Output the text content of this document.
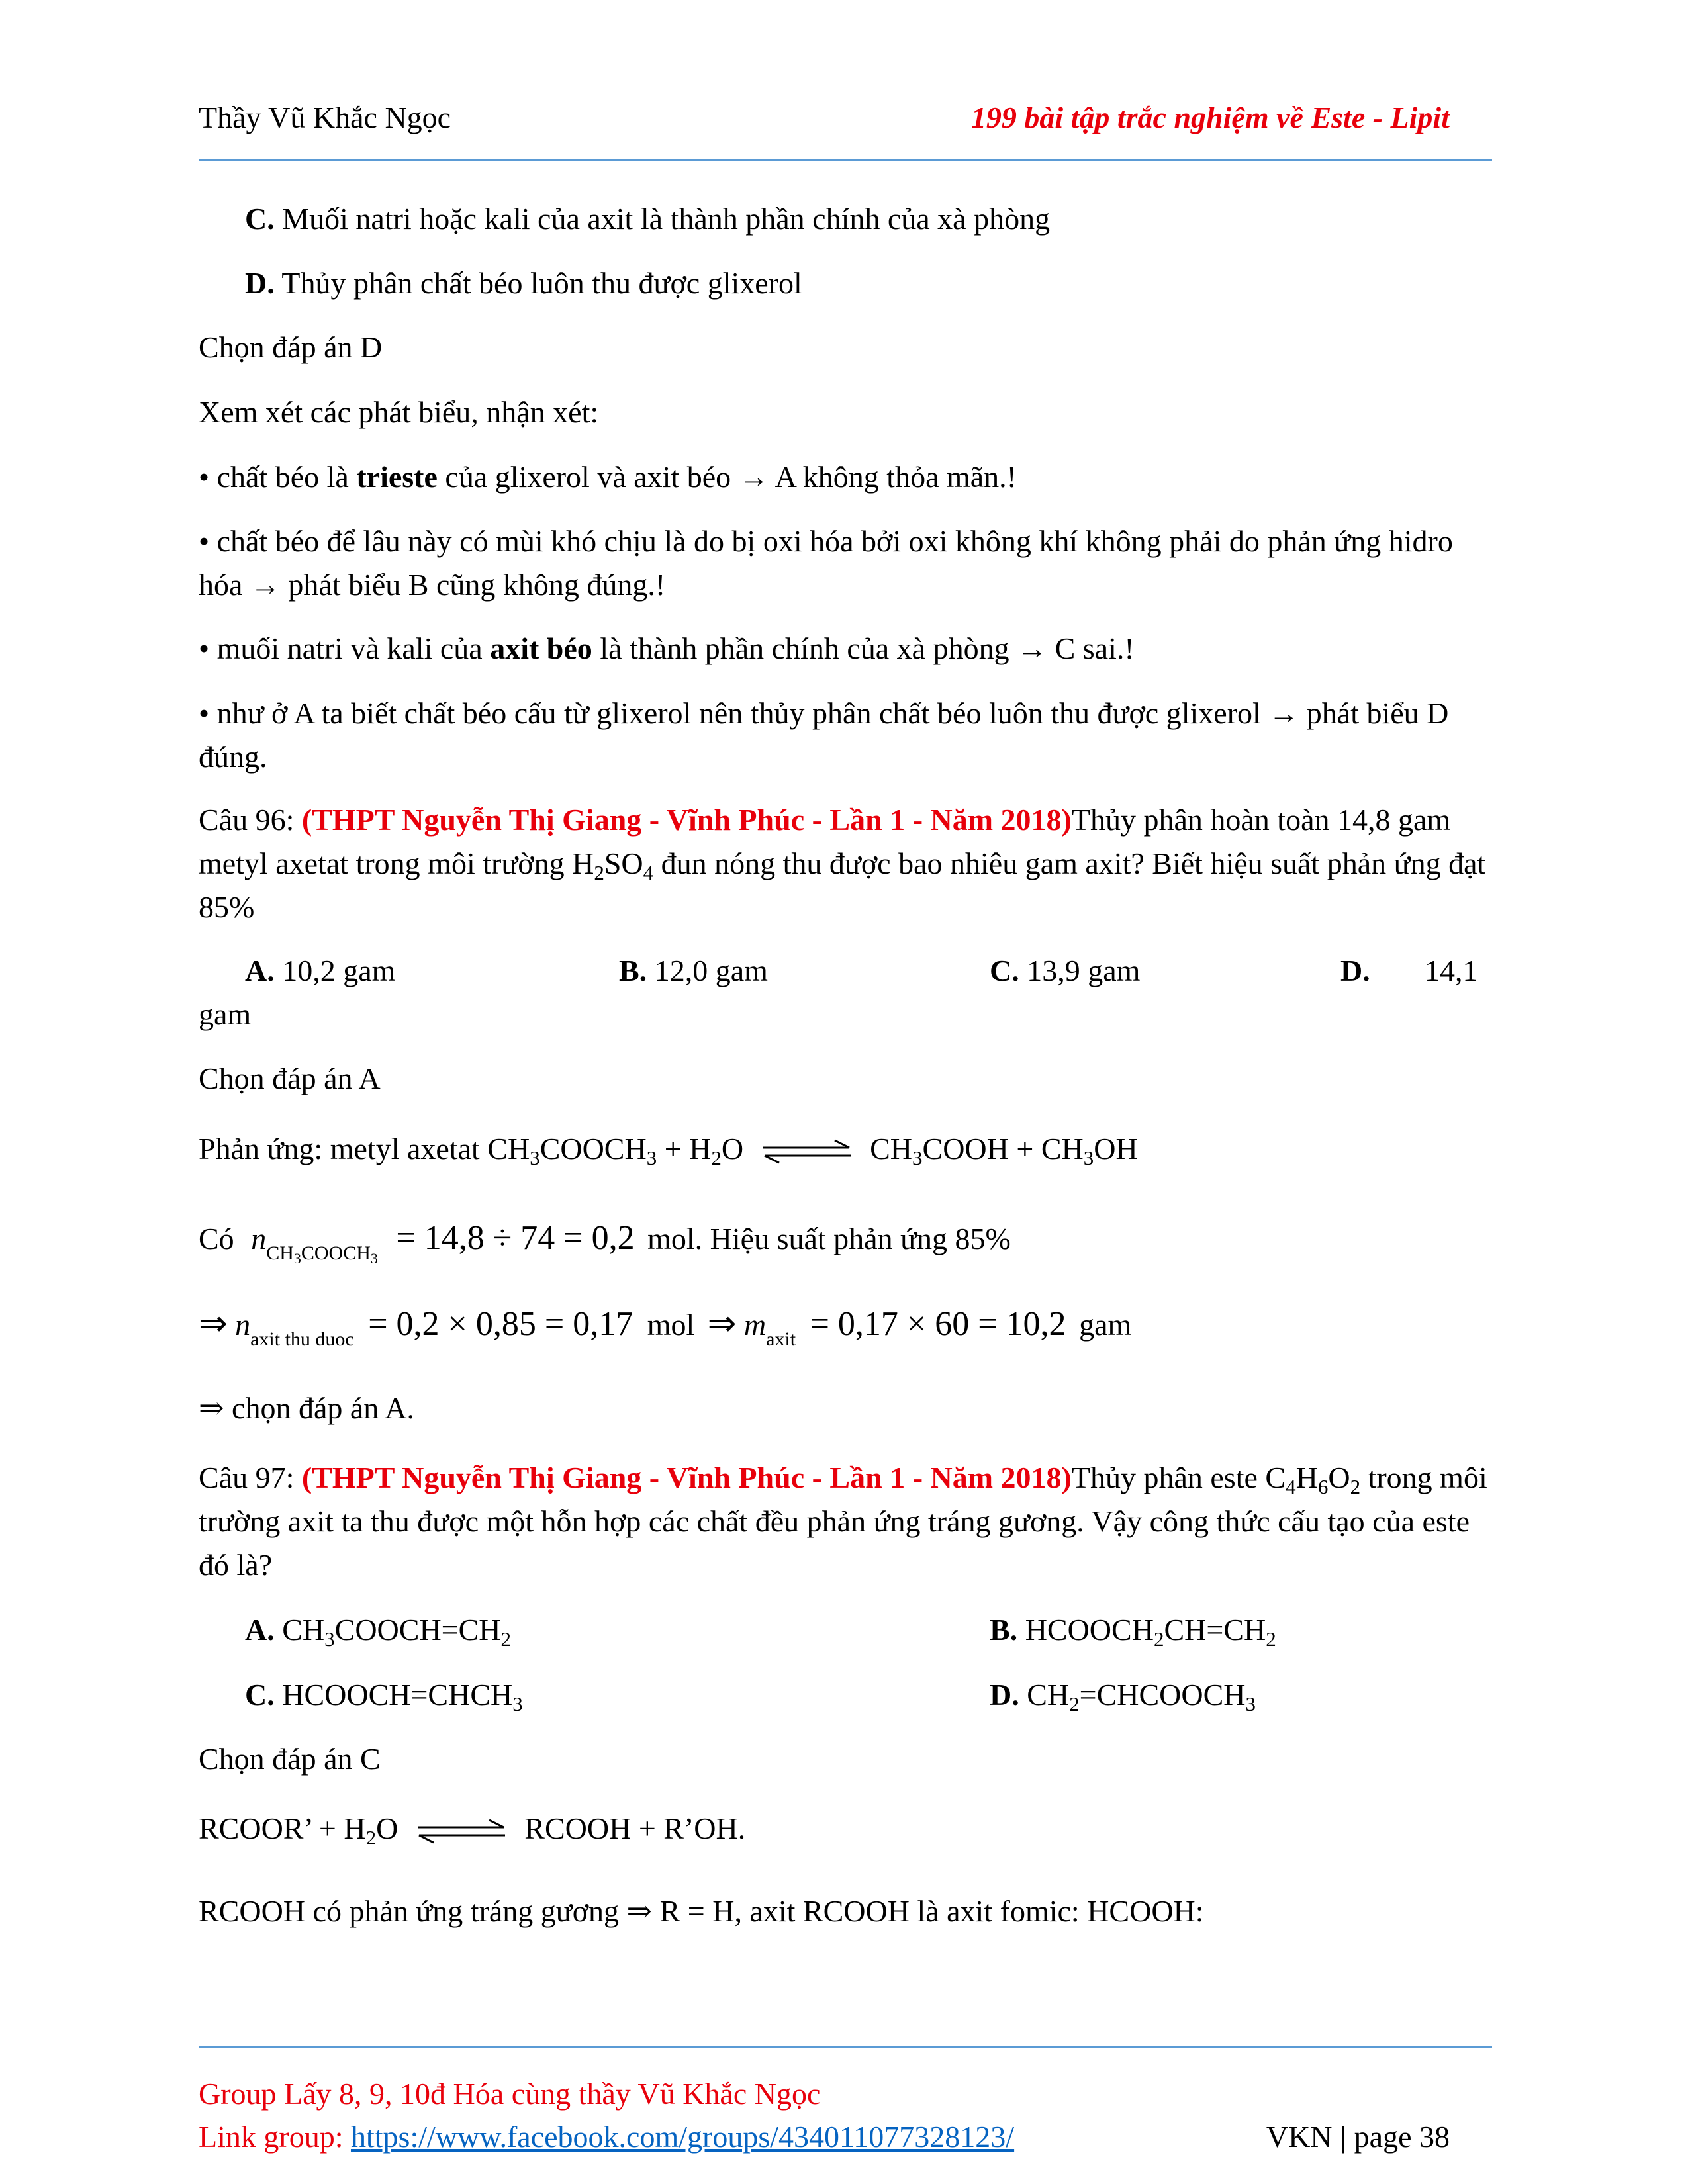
Thầy Vũ Khắc Ngọc	199 bài tập trắc nghiệm về Este - Lipit
C. Muối natri hoặc kali của axit là thành phần chính của xà phòng
D. Thủy phân chất béo luôn thu được glixerol
Chọn đáp án D
Xem xét các phát biểu, nhận xét:
• chất béo là trieste của glixerol và axit béo → A không thỏa mãn.!
• chất béo để lâu này có mùi khó chịu là do bị oxi hóa bởi oxi không khí không phải do phản ứng hidro hóa → phát biểu B cũng không đúng.!
• muối natri và kali của axit béo là thành phần chính của xà phòng → C sai.!
• như ở A ta biết chất béo cấu từ glixerol nên thủy phân chất béo luôn thu được glixerol → phát biểu D đúng.
Câu 96: (THPT Nguyễn Thị Giang - Vĩnh Phúc - Lần 1 - Năm 2018)Thủy phân hoàn toàn 14,8 gam metyl axetat trong môi trường $H_2SO_4$ đun nóng thu được bao nhiêu gam axit? Biết hiệu suất phản ứng đạt 85%
A. 10,2 gam	B. 12,0 gam	C. 13,9 gam	D. 14,1
gam
Chọn đáp án A
Phản ứng: metyl axetat $CH_3COOCH_3 + H_2O$ ⇌ $CH_3COOH + CH_3OH$
Có $n_{CH_3COOCH_3} = 14,8 \div 74 = 0,2$ mol. Hiệu suất phản ứng 85%
⇒ $n_{axit thu duoc} = 0,2 \times 0,85 = 0,17$ mol ⇒ $m_{axit} = 0,17 \times 60 = 10,2$ gam
⇒ chọn đáp án A.
Câu 97: (THPT Nguyễn Thị Giang - Vĩnh Phúc - Lần 1 - Năm 2018)Thủy phân este $C_4H_6O_2$ trong môi trường axit ta thu được một hỗn hợp các chất đều phản ứng tráng gương. Vậy công thức cấu tạo của este đó là?
A. $CH_3COOCH=CH_2$	B. $HCOOCH_2CH=CH_2$
C. $HCOOCH=CHCH_3$	D. $CH_2=CHCOOCH_3$
Chọn đáp án C
RCOOR’ + $H_2O$ ⇌ RCOOH + R’OH.
RCOOH có phản ứng tráng gương ⇒ R = H, axit RCOOH là axit fomic: HCOOH:
Group Lấy 8, 9, 10đ Hóa cùng thầy Vũ Khắc Ngọc
Link group: https://www.facebook.com/groups/434011077328123/	VKN | page 38
